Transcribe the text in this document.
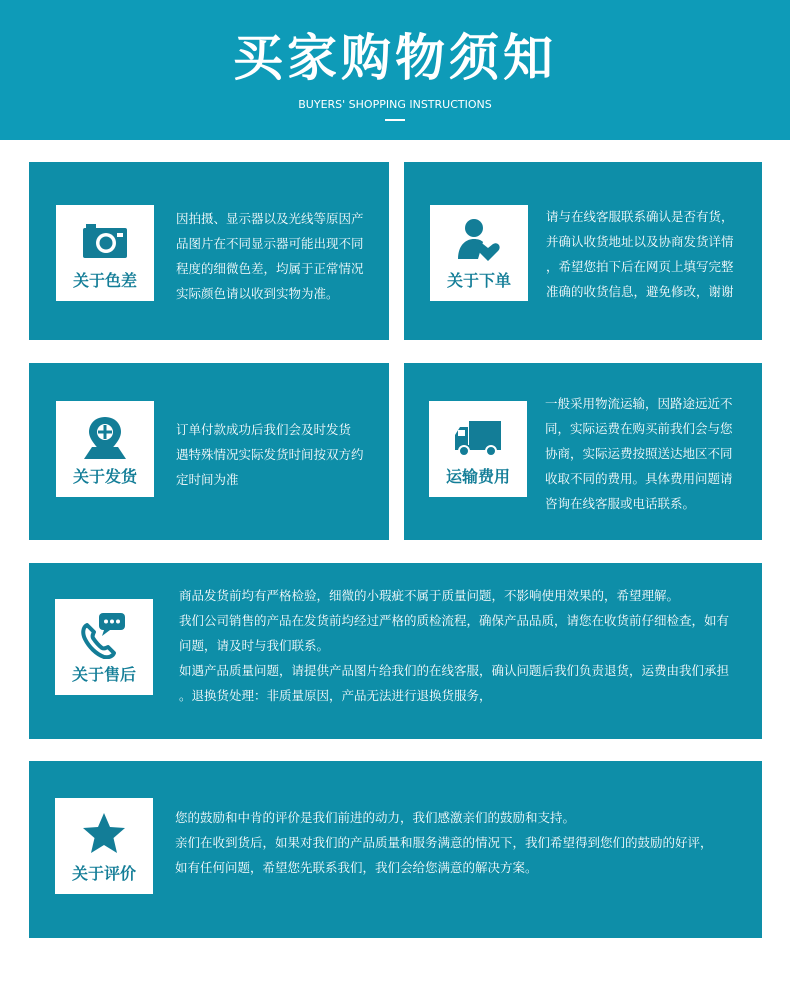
买家购物须知
BUYERS' SHOPPING INSTRUCTIONS
关于色差
因拍摄、显示器以及光线等原因产
品图片在不同显示器可能出现不同
程度的细微色差，均属于正常情况
实际颜色请以收到实物为准。
关于下单
请与在线客服联系确认是否有货，
并确认收货地址以及协商发货详情
，希望您拍下后在网页上填写完整
准确的收货信息，避免修改，谢谢
关于发货
订单付款成功后我们会及时发货
遇特殊情况实际发货时间按双方约
定时间为准	运输费用
一般采用物流运输，因路途远近不
同，实际运费在购买前我们会与您
协商，实际运费按照送达地区不同
收取不同的费用。具体费用问题请
咨询在线客服或电话联系。
关于售后
商品发货前均有严格检验，细微的小瑕疵不属于质量问题，不影响使用效果的，希望理解。
我们公司销售的产品在发货前均经过严格的质检流程，确保产品品质，请您在收货前仔细检查，如有
问题，请及时与我们联系。
如遇产品质量问题，请提供产品图片给我们的在线客服，确认问题后我们负责退货，运费由我们承担
。退换货处理：非质量原因，产品无法进行退换货服务，
关于评价
您的鼓励和中肯的评价是我们前进的动力，我们感激亲们的鼓励和支持。
亲们在收到货后，如果对我们的产品质量和服务满意的情况下，我们希望得到您们的鼓励的好评，
如有任何问题，希望您先联系我们，我们会给您满意的解决方案。
